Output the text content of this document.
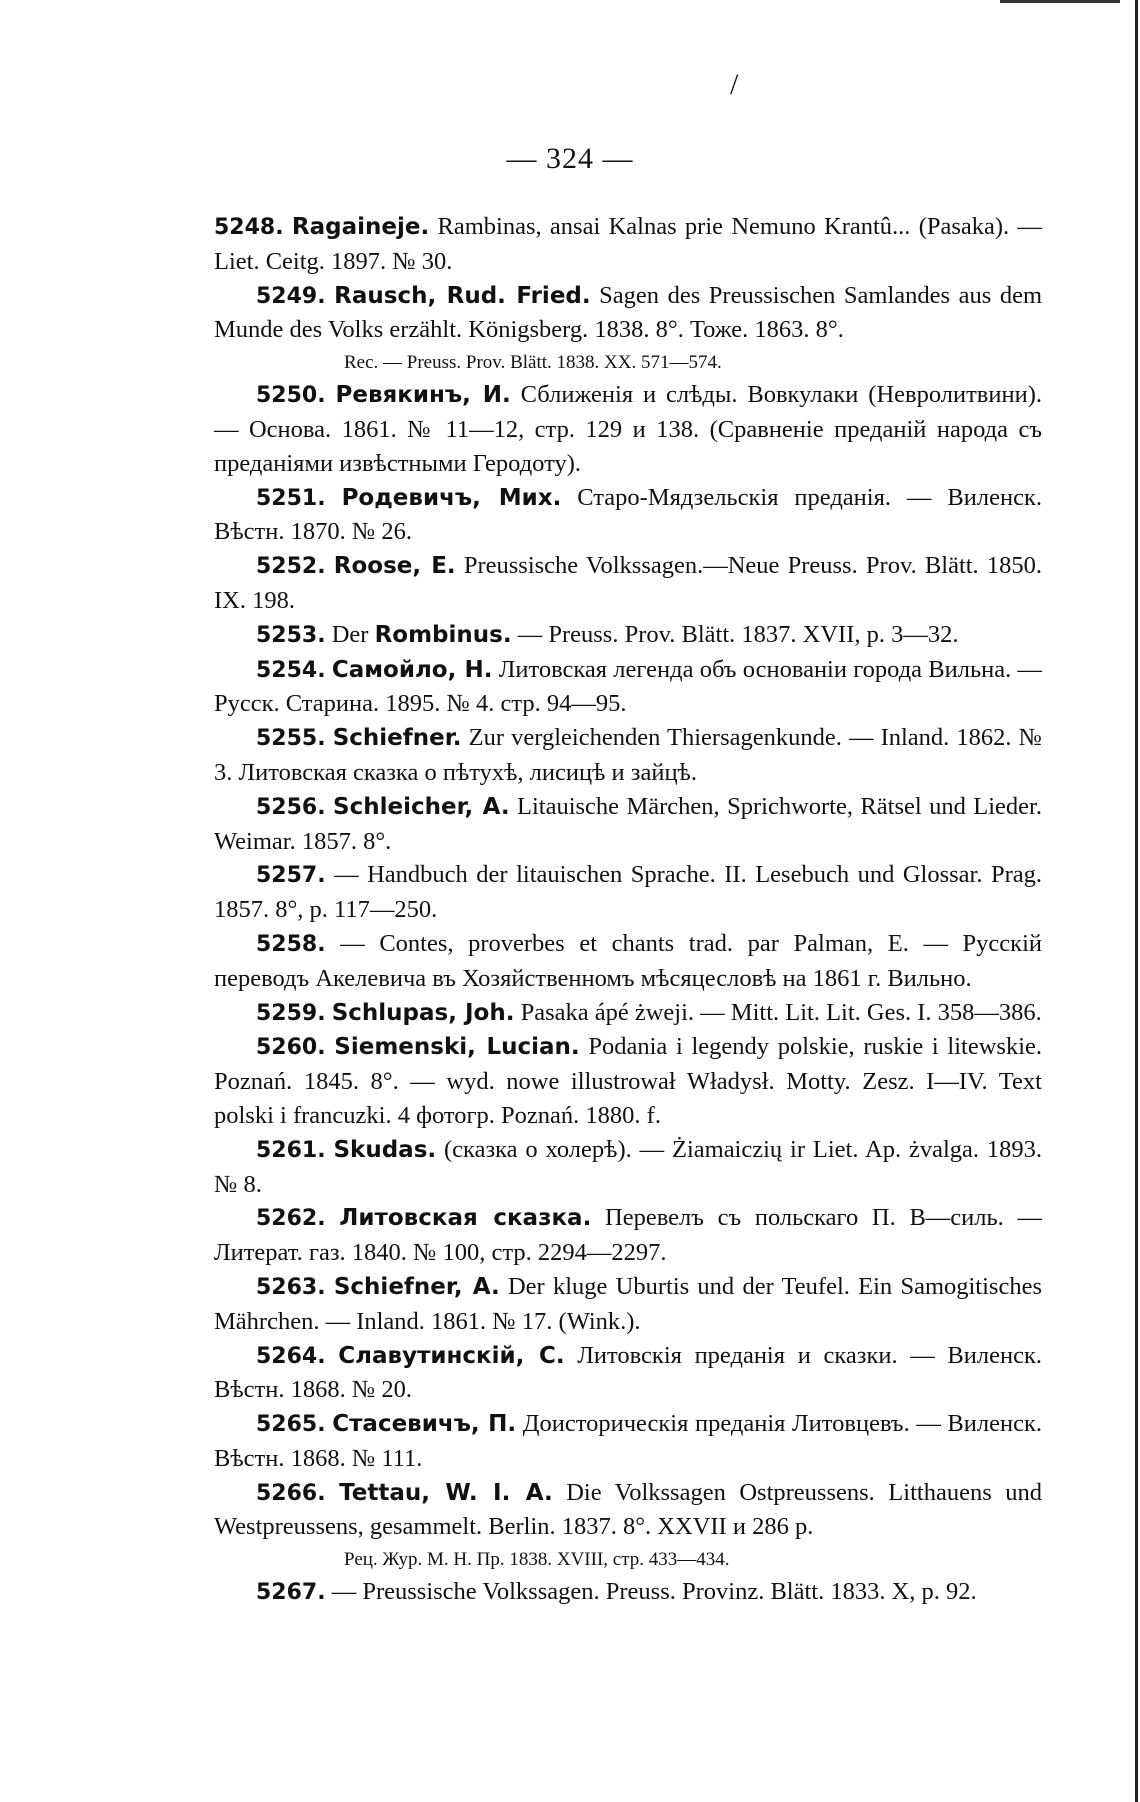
/
— 324 —

5248. Ragaineje. Rambinas, ansai Kalnas prie Nemuno Krantû... (Pasaka). — Liet. Ceitg. 1897. № 30.

5249. Rausch, Rud. Fried. Sagen des Preussischen Samlandes aus dem Munde des Volks erzählt. Königsberg. 1838. 8°. Тоже. 1863. 8°.
Rec. — Preuss. Prov. Blätt. 1838. XX. 571—574.

5250. Ревякинъ, И. Сближенія и слѣды. Вовкулаки (Невролитвини). — Основа. 1861. № 11—12, стр. 129 и 138. (Сравненіе преданій народа съ преданіями извѣстными Геродоту).

5251. Родевичъ, Мих. Старо-Мядзельскія преданія. — Виленск. Вѣстн. 1870. № 26.

5252. Roose, E. Preussische Volkssagen.—Neue Preuss. Prov. Blätt. 1850. IX. 198.

5253. Der Rombinus. — Preuss. Prov. Blätt. 1837. XVII, p. 3—32.

5254. Самойло, Н. Литовская легенда объ основаніи города Вильна. — Русск. Старина. 1895. № 4. стр. 94—95.

5255. Schiefner. Zur vergleichenden Thiersagenkunde. — Inland. 1862. № 3. Литовская сказка о пѣтухѣ, лисицѣ и зайцѣ.

5256. Schleicher, A. Litauische Märchen, Sprichworte, Rätsel und Lieder. Weimar. 1857. 8°.

5257. — Handbuch der litauischen Sprache. II. Lesebuch und Glossar. Prag. 1857. 8°, p. 117—250.

5258. — Contes, proverbes et chants trad. par Palman, E. — Русскій переводъ Акелевича въ Хозяйственномъ мѣсяцесловѣ на 1861 г. Вильно.

5259. Schlupas, Joh. Pasaka ápé żweji. — Mitt. Lit. Lit. Ges. I. 358—386.

5260. Siemenski, Lucian. Podania i legendy polskie, ruskie i litewskie. Poznań. 1845. 8°. — wyd. nowe illustrował Władysł. Motty. Zesz. I—IV. Text polski i francuzki. 4 фотогр. Poznań. 1880. f.

5261. Skudas. (сказка о холерѣ). — Żiamaiczių ir Liet. Ap. żvalga. 1893. № 8.

5262. Литовская сказка. Перевелъ съ польскаго П. В—силь. — Литерат. газ. 1840. № 100, стр. 2294—2297.

5263. Schiefner, A. Der kluge Uburtis und der Teufel. Ein Samogitisches Mährchen. — Inland. 1861. № 17. (Wink.).

5264. Славутинскій, С. Литовскія преданія и сказки. — Виленск. Вѣстн. 1868. № 20.

5265. Стасевичъ, П. Доисторическія преданія Литовцевъ. — Виленск. Вѣстн. 1868. № 111.

5266. Tettau, W. I. A. Die Volkssagen Ostpreussens. Litthauens und Westpreussens, gesammelt. Berlin. 1837. 8°. XXVII и 286 p.
Рец. Жур. М. Н. Пр. 1838. XVIII, стр. 433—434.

5267. — Preussische Volkssagen. Preuss. Provinz. Blätt. 1833. X, p. 92.
